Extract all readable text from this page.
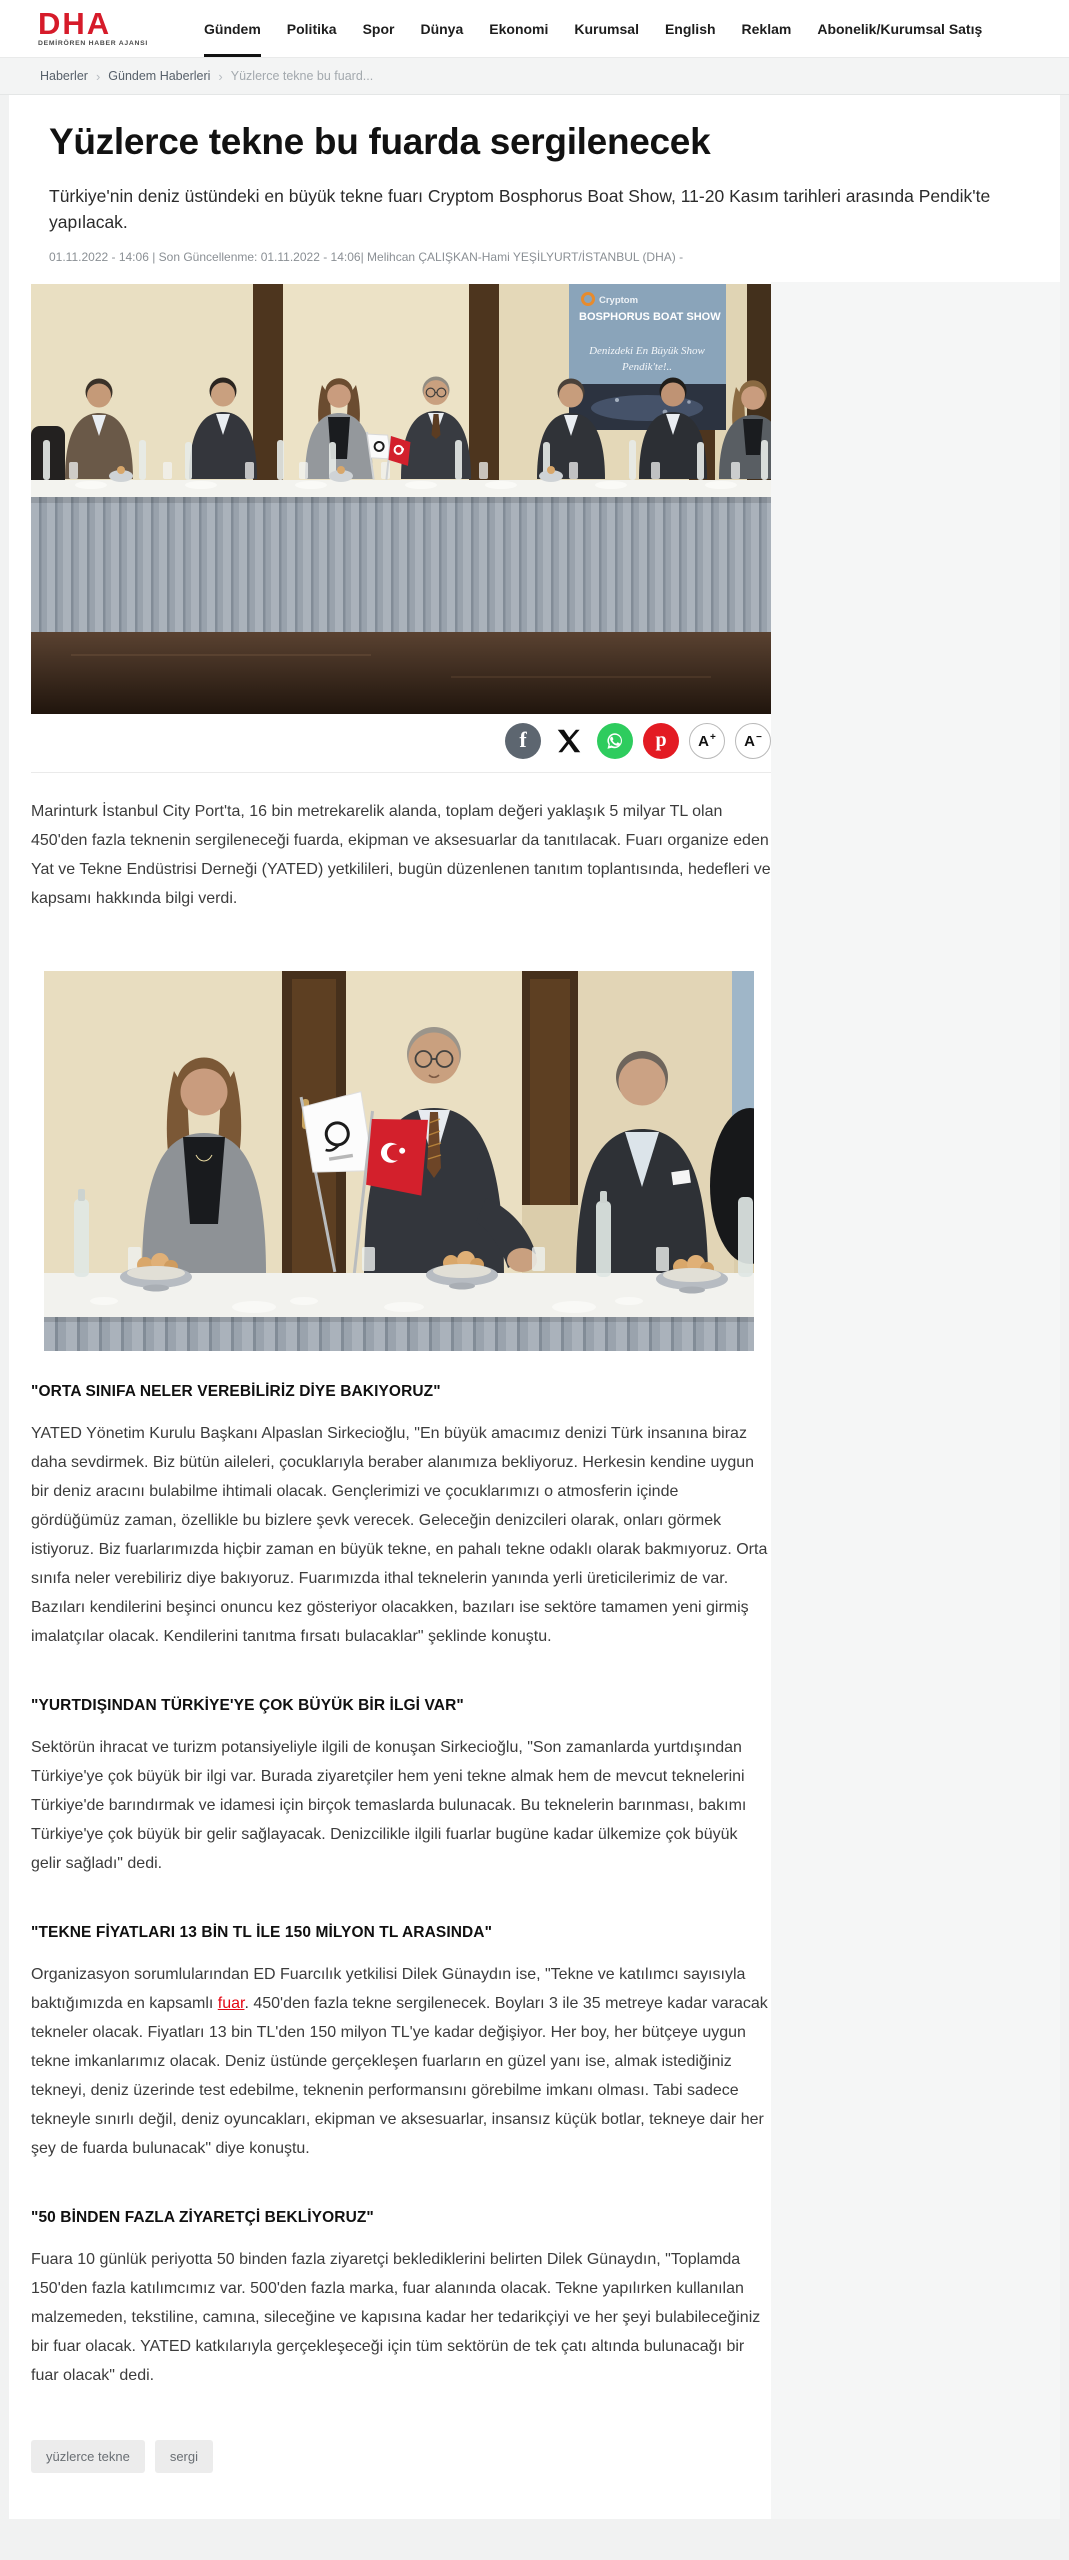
DHA
DEMİRÖREN HABER AJANSI
Gündem Politika Spor Dünya Ekonomi Kurumsal English Reklam Abonelik/Kurumsal Satış
Haberler › Gündem Haberleri › Yüzlerce tekne bu fuard...
Yüzlerce tekne bu fuarda sergilenecek

Türkiye'nin deniz üstündeki en büyük tekne fuarı Cryptom Bosphorus Boat Show, 11-20 Kasım tarihleri arasında Pendik'te yapılacak.

01.11.2022 - 14:06 | Son Güncellenme: 01.11.2022 - 14:06| Melihcan ÇALIŞKAN-Hami YEŞİLYURT/İSTANBUL (DHA) -
Cryptom
BOSPHORUS BOAT SHOW
Denizdeki En Büyük Show
Pendik'te!..
f	p A+ A−

Marinturk İstanbul City Port'ta, 16 bin metrekarelik alanda, toplam değeri yaklaşık 5 milyar TL olan 450'den fazla teknenin sergileneceği fuarda, ekipman ve aksesuarlar da tanıtılacak. Fuarı organize eden Yat ve Tekne Endüstrisi Derneği (YATED) yetkilileri, bugün düzenlenen tanıtım toplantısında, hedefleri ve kapsamı hakkında bilgi verdi.

"ORTA SINIFA NELER VEREBİLİRİZ DİYE BAKIYORUZ"

YATED Yönetim Kurulu Başkanı Alpaslan Sirkecioğlu, "En büyük amacımız denizi Türk insanına biraz daha sevdirmek. Biz bütün aileleri, çocuklarıyla beraber alanımıza bekliyoruz. Herkesin kendine uygun bir deniz aracını bulabilme ihtimali olacak. Gençlerimizi ve çocuklarımızı o atmosferin içinde gördüğümüz zaman, özellikle bu bizlere şevk verecek. Geleceğin denizcileri olarak, onları görmek istiyoruz. Biz fuarlarımızda hiçbir zaman en büyük tekne, en pahalı tekne odaklı olarak bakmıyoruz. Orta sınıfa neler verebiliriz diye bakıyoruz. Fuarımızda ithal teknelerin yanında yerli üreticilerimiz de var. Bazıları kendilerini beşinci onuncu kez gösteriyor olacakken, bazıları ise sektöre tamamen yeni girmiş imalatçılar olacak. Kendilerini tanıtma fırsatı bulacaklar" şeklinde konuştu.

"YURTDIŞINDAN TÜRKİYE'YE ÇOK BÜYÜK BİR İLGİ VAR"

Sektörün ihracat ve turizm potansiyeliyle ilgili de konuşan Sirkecioğlu, "Son zamanlarda yurtdışından Türkiye'ye çok büyük bir ilgi var. Burada ziyaretçiler hem yeni tekne almak hem de mevcut teknelerini Türkiye'de barındırmak ve idamesi için birçok temaslarda bulunacak. Bu teknelerin barınması, bakımı Türkiye'ye çok büyük bir gelir sağlayacak. Denizcilikle ilgili fuarlar bugüne kadar ülkemize çok büyük gelir sağladı" dedi.

"TEKNE FİYATLARI 13 BİN TL İLE 150 MİLYON TL ARASINDA"

Organizasyon sorumlularından ED Fuarcılık yetkilisi Dilek Günaydın ise, "Tekne ve katılımcı sayısıyla baktığımızda en kapsamlı fuar. 450'den fazla tekne sergilenecek. Boyları 3 ile 35 metreye kadar varacak tekneler olacak. Fiyatları 13 bin TL'den 150 milyon TL'ye kadar değişiyor. Her boy, her bütçeye uygun tekne imkanlarımız olacak. Deniz üstünde gerçekleşen fuarların en güzel yanı ise, almak istediğiniz tekneyi, deniz üzerinde test edebilme, teknenin performansını görebilme imkanı olması. Tabi sadece tekneyle sınırlı değil, deniz oyuncakları, ekipman ve aksesuarlar, insansız küçük botlar, tekneye dair her şey de fuarda bulunacak" diye konuştu.

"50 BİNDEN FAZLA ZİYARETÇİ BEKLİYORUZ"

Fuara 10 günlük periyotta 50 binden fazla ziyaretçi beklediklerini belirten Dilek Günaydın, "Toplamda 150'den fazla katılımcımız var. 500'den fazla marka, fuar alanında olacak. Tekne yapılırken kullanılan malzemeden, tekstiline, camına, sileceğine ve kapısına kadar her tedarikçiyi ve her şeyi bulabileceğiniz bir fuar olacak. YATED katkılarıyla gerçekleşeceği için tüm sektörün de tek çatı altında bulunacağı bir fuar olacak" dedi.

yüzlerce tekne	sergi
